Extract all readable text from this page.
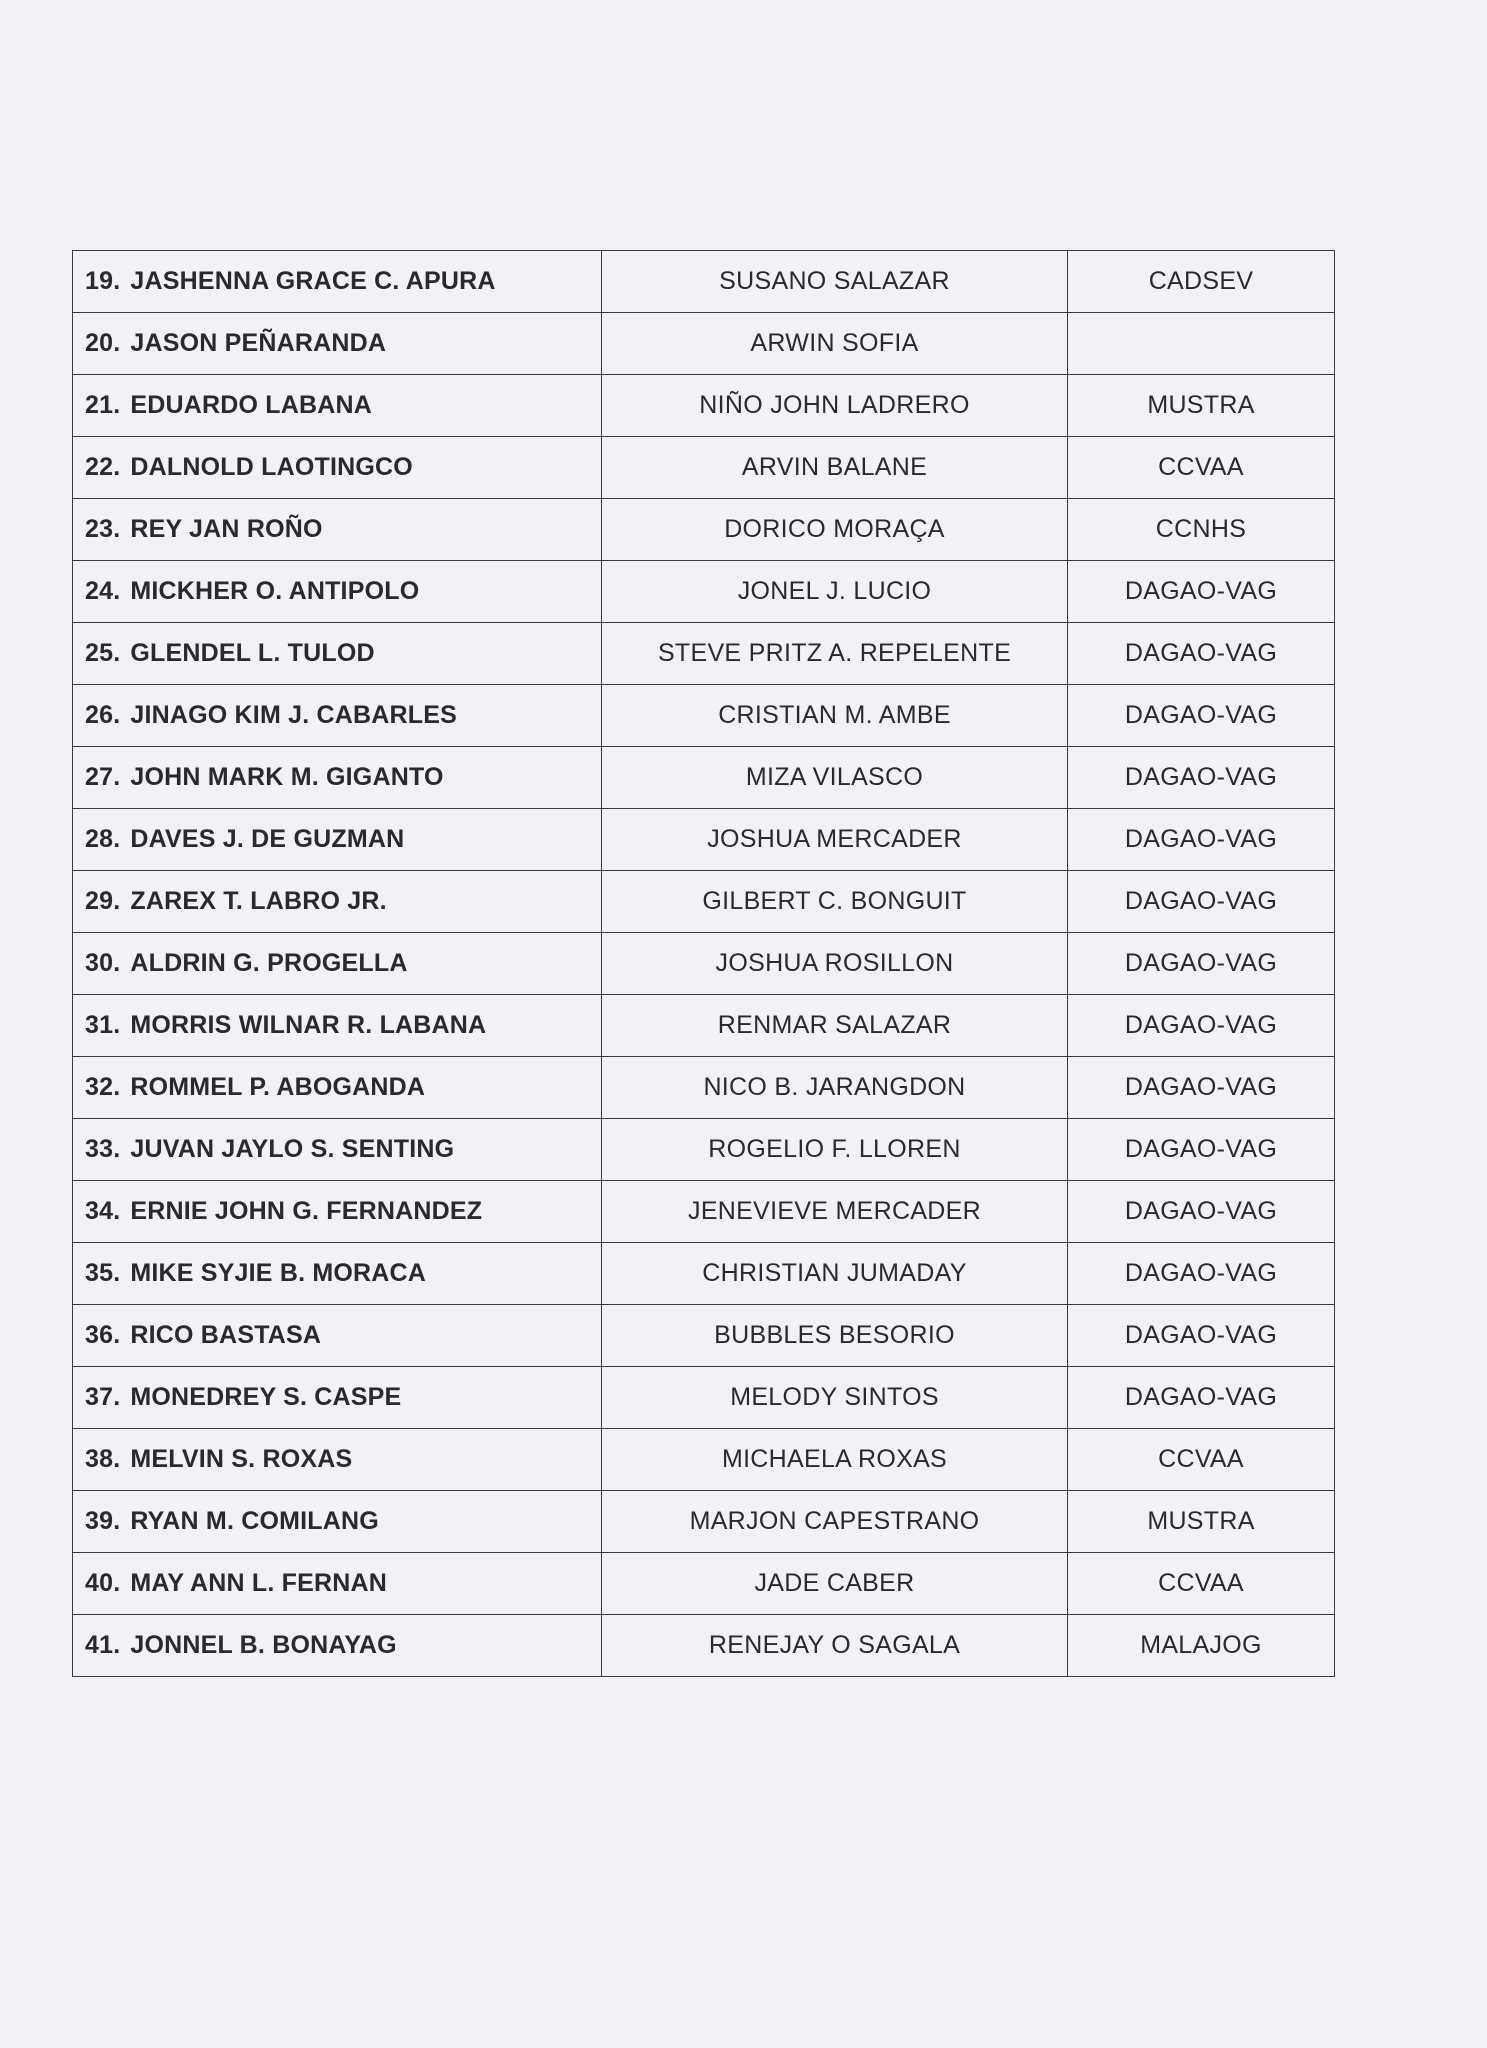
19. JASHENNA GRACE C. APURA	SUSANO SALAZAR	CADSEV
20. JASON PEÑARANDA	ARWIN SOFIA	
21. EDUARDO LABANA	NIÑO JOHN LADRERO	MUSTRA
22. DALNOLD LAOTINGCO	ARVIN BALANE	CCVAA
23. REY JAN ROÑO	DORICO MORAÇA	CCNHS
24. MICKHER O. ANTIPOLO	JONEL J. LUCIO	DAGAO-VAG
25. GLENDEL L. TULOD	STEVE PRITZ A. REPELENTE	DAGAO-VAG
26. JINAGO KIM J. CABARLES	CRISTIAN M. AMBE	DAGAO-VAG
27. JOHN MARK M. GIGANTO	MIZA VILASCO	DAGAO-VAG
28. DAVES J. DE GUZMAN	JOSHUA MERCADER	DAGAO-VAG
29. ZAREX T. LABRO JR.	GILBERT C. BONGUIT	DAGAO-VAG
30. ALDRIN G. PROGELLA	JOSHUA ROSILLON	DAGAO-VAG
31. MORRIS WILNAR R. LABANA	RENMAR SALAZAR	DAGAO-VAG
32. ROMMEL P. ABOGANDA	NICO B. JARANGDON	DAGAO-VAG
33. JUVAN JAYLO S. SENTING	ROGELIO F. LLOREN	DAGAO-VAG
34. ERNIE JOHN G. FERNANDEZ	JENEVIEVE MERCADER	DAGAO-VAG
35. MIKE SYJIE B. MORACA	CHRISTIAN JUMADAY	DAGAO-VAG
36. RICO BASTASA	BUBBLES BESORIO	DAGAO-VAG
37. MONEDREY S. CASPE	MELODY SINTOS	DAGAO-VAG
38. MELVIN S. ROXAS	MICHAELA ROXAS	CCVAA
39. RYAN M. COMILANG	MARJON CAPESTRANO	MUSTRA
40. MAY ANN L. FERNAN	JADE CABER	CCVAA
41. JONNEL B. BONAYAG	RENEJAY O SAGALA	MALAJOG
